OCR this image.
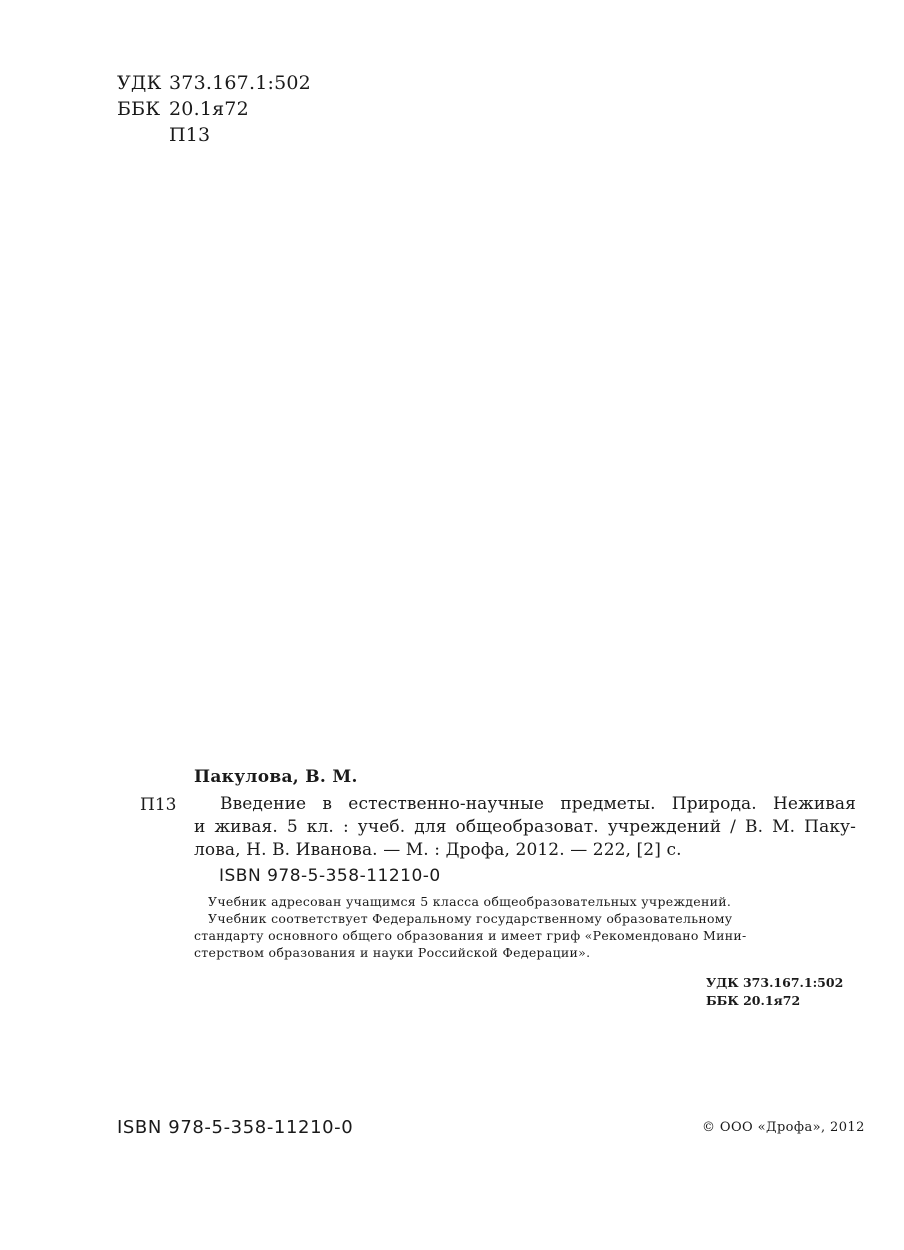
УДК 373.167.1:502
ББК 20.1я72
П13
Пакулова, В. М.
П13	Введение в естественно-научные предметы. Природа. Неживая
и живая. 5 кл. : учеб. для общеобразоват. учреждений / В. М. Паку-
лова, Н. В. Иванова. — М. : Дрофа, 2012. — 222, [2] с.
ISBN 978-5-358-11210-0
Учебник адресован учащимся 5 класса общеобразовательных учреждений.
Учебник соответствует Федеральному государственному образовательному
стандарту основного общего образования и имеет гриф «Рекомендовано Мини-
стерством образования и науки Российской Федерации».
УДК 373.167.1:502
ББК 20.1я72
ISBN 978-5-358-11210-0	© ООО «Дрофа», 2012
